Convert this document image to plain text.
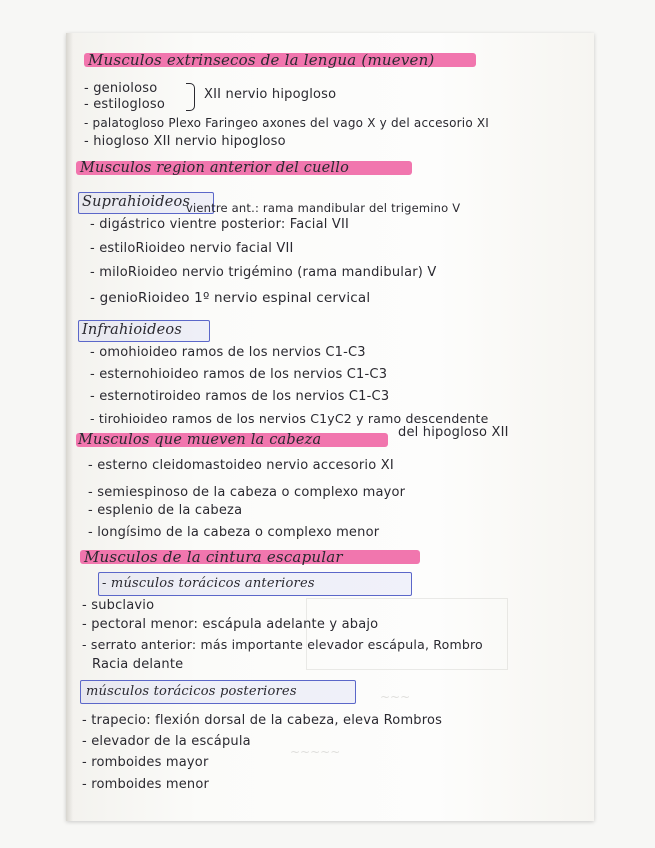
~~~
~~~~~
Musculos extrinsecos de la lengua (mueven)
- genioloso
- estilogloso
XII nervio hipogloso
- palatogloso Plexo Faringeo axones del vago X y del accesorio XI
- hiogloso XII nervio hipogloso
Musculos region anterior del cuello
Suprahioideos
vientre ant.: rama mandibular del trigemino V
- digástrico vientre posterior: Facial VII
- estiloRioideo nervio facial VII
- miloRioideo nervio trigémino (rama mandibular) V
- genioRioideo 1º nervio espinal cervical
Infrahioideos
- omohioideo ramos de los nervios C1-C3
- esternohioideo ramos de los nervios C1-C3
- esternotiroideo ramos de los nervios C1-C3
- tirohioideo ramos de los nervios C1yC2 y ramo descendente
del hipogloso XII
Musculos que mueven la cabeza
- esterno cleidomastoideo nervio accesorio XI
- semiespinoso de la cabeza o complexo mayor
- esplenio de la cabeza
- longísimo de la cabeza o complexo menor
Musculos de la cintura escapular
- músculos torácicos anteriores
- subclavio
- pectoral menor: escápula adelante y abajo
- serrato anterior: más importante elevador escápula, Rombro
Racia delante
músculos torácicos posteriores
- trapecio: flexión dorsal de la cabeza, eleva Rombros
- elevador de la escápula
- romboides mayor
- romboides menor
